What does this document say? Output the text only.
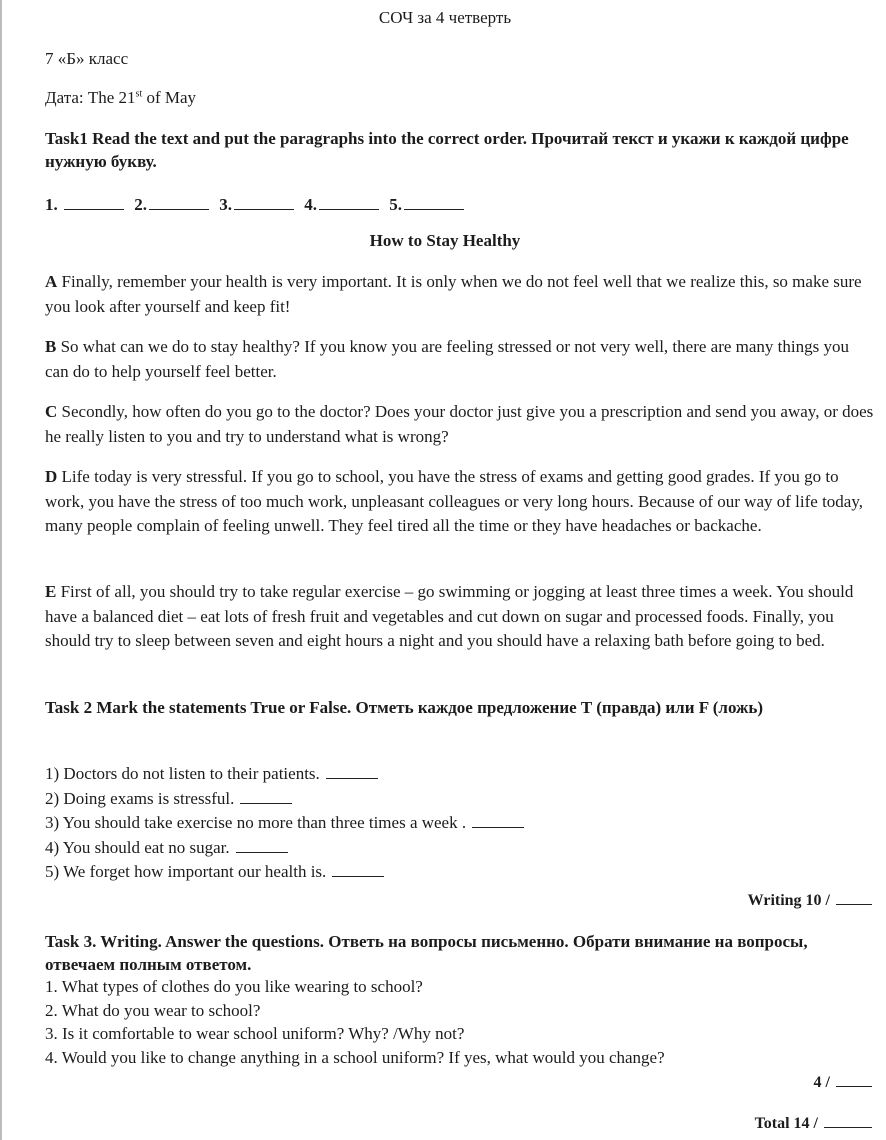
СОЧ за 4 четверть
7 «Б» класс
Дата: The 21st of May
Task1 Read the text and put the paragraphs into the correct order. Прочитай текст и укажи к каждой цифре нужную букву.
1.	2.	3.	4.	5.
How to Stay Healthy
A Finally, remember your health is very important. It is only when we do not feel well that we realize this, so make sure you look after yourself and keep fit!
B So what can we do to stay healthy? If you know you are feeling stressed or not very well, there are many things you can do to help yourself feel better.
C Secondly, how often do you go to the doctor? Does your doctor just give you a prescription and send you away, or does he really listen to you and try to understand what is wrong?
D Life today is very stressful. If you go to school, you have the stress of exams and getting good grades. If you go to work, you have the stress of too much work, unpleasant colleagues or very long hours. Because of our way of life today, many people complain of feeling unwell. They feel tired all the time or they have headaches or backache.
E First of all, you should try to take regular exercise – go swimming or jogging at least three times a week. You should have a balanced diet – eat lots of fresh fruit and vegetables and cut down on sugar and processed foods. Finally, you should try to sleep between seven and eight hours a night and you should have a relaxing bath before going to bed.
Task 2 Mark the statements True or False. Отметь каждое предложение T (правда) или F (ложь)
1) Doctors do not listen to their patients.
2) Doing exams is stressful.
3) You should take exercise no more than three times a week .
4) You should eat no sugar.
5) We forget how important our health is.
Writing 10 /
Task 3. Writing. Answer the questions. Ответь на вопросы письменно. Обрати внимание на вопросы, отвечаем полным ответом.
1. What types of clothes do you like wearing to school?
2. What do you wear to school?
3. Is it comfortable to wear school uniform? Why? /Why not?
4. Would you like to change anything in a school uniform? If yes, what would you change?
4 /
Total 14 /
